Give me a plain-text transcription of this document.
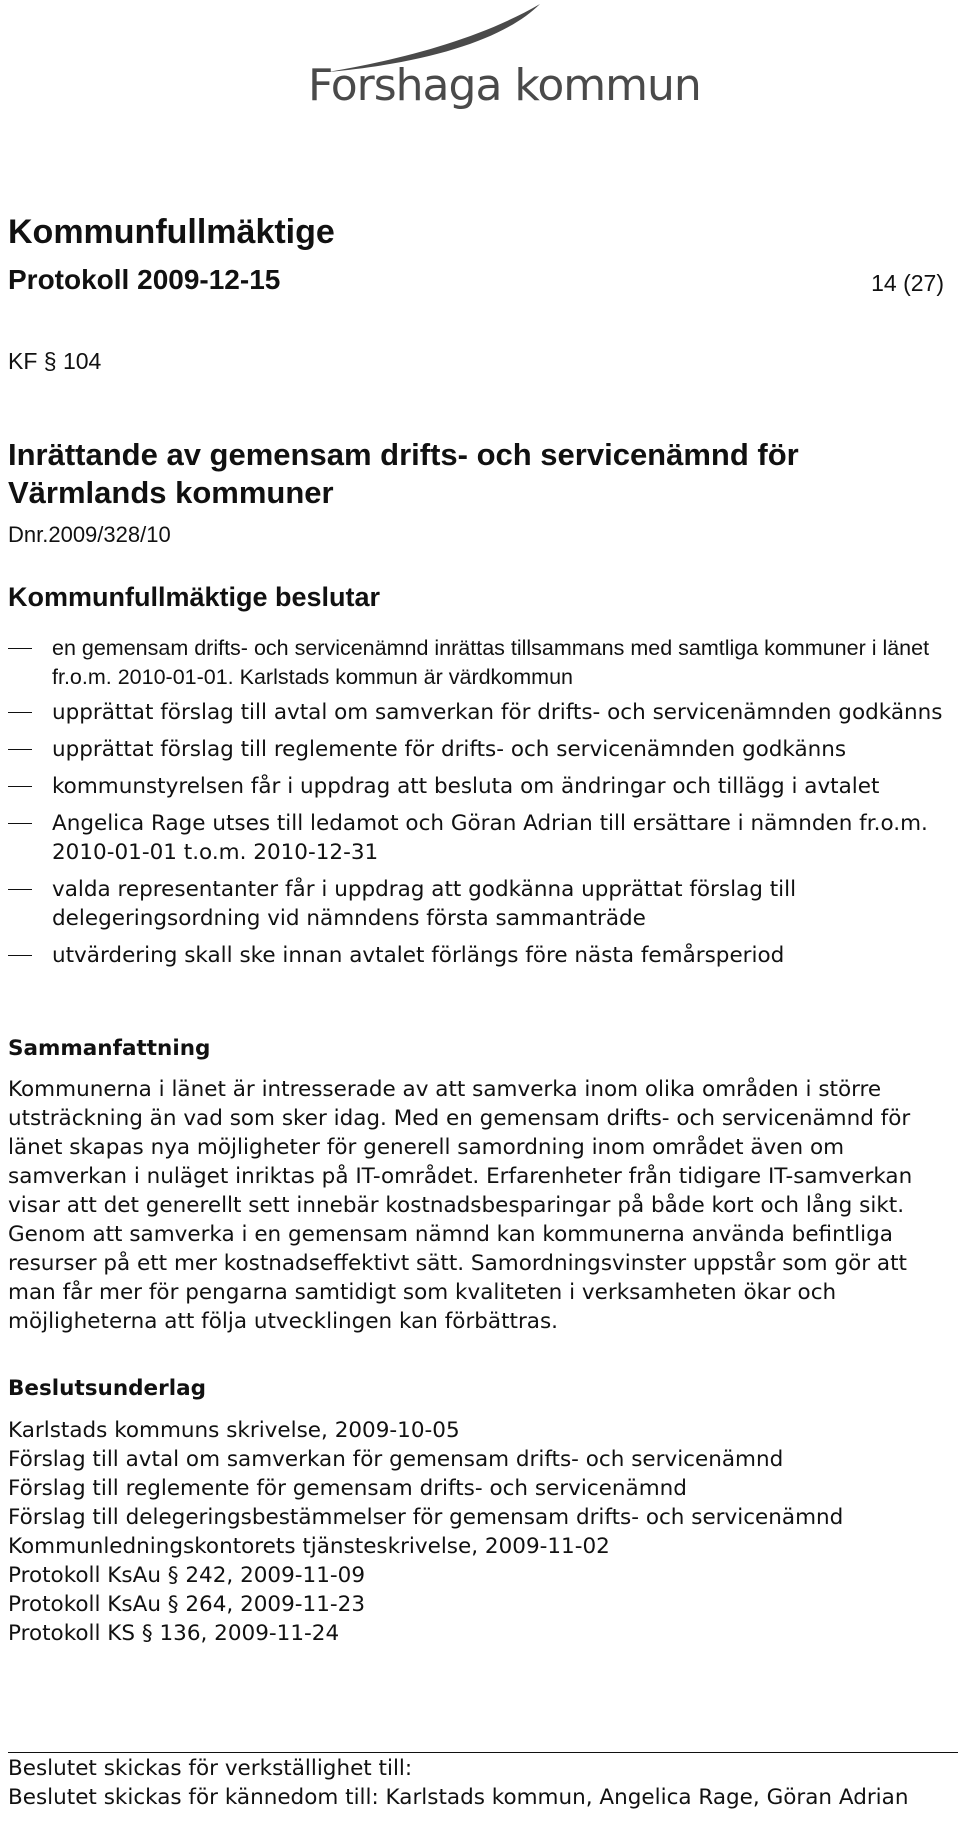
Forshaga kommun
Kommunfullmäktige
Protokoll 2009-12-15	14 (27)
KF § 104
Inrättande av gemensam drifts- och servicenämnd för Värmlands kommuner
Dnr.2009/328/10
Kommunfullmäktige beslutar
en gemensam drifts- och servicenämnd inrättas tillsammans med samtliga kommuner i länet fr.o.m. 2010-01-01. Karlstads kommun är värdkommun
upprättat förslag till avtal om samverkan för drifts- och servicenämnden godkänns
upprättat förslag till reglemente för drifts- och servicenämnden godkänns
kommunstyrelsen får i uppdrag att besluta om ändringar och tillägg i avtalet
Angelica Rage utses till ledamot och Göran Adrian till ersättare i nämnden fr.o.m. 2010-01-01 t.o.m. 2010-12-31
valda representanter får i uppdrag att godkänna upprättat förslag till delegeringsordning vid nämndens första sammanträde
utvärdering skall ske innan avtalet förlängs före nästa femårsperiod
Sammanfattning

Kommunerna i länet är intresserade av att samverka inom olika områden i större utsträckning än vad som sker idag. Med en gemensam drifts- och servicenämnd för länet skapas nya möjligheter för generell samordning inom området även om samverkan i nuläget inriktas på IT-området. Erfarenheter från tidigare IT-samverkan visar att det generellt sett innebär kostnadsbesparingar på både kort och lång sikt. Genom att samverka i en gemensam nämnd kan kommunerna använda befintliga resurser på ett mer kostnadseffektivt sätt. Samordningsvinster uppstår som gör att man får mer för pengarna samtidigt som kvaliteten i verksamheten ökar och möjligheterna att följa utvecklingen kan förbättras.

Beslutsunderlag
Karlstads kommuns skrivelse, 2009-10-05
Förslag till avtal om samverkan för gemensam drifts- och servicenämnd
Förslag till reglemente för gemensam drifts- och servicenämnd
Förslag till delegeringsbestämmelser för gemensam drifts- och servicenämnd
Kommunledningskontorets tjänsteskrivelse, 2009-11-02
Protokoll KsAu § 242, 2009-11-09
Protokoll KsAu § 264, 2009-11-23
Protokoll KS § 136, 2009-11-24
Beslutet skickas för verkställighet till:
Beslutet skickas för kännedom till: Karlstads kommun, Angelica Rage, Göran Adrian
